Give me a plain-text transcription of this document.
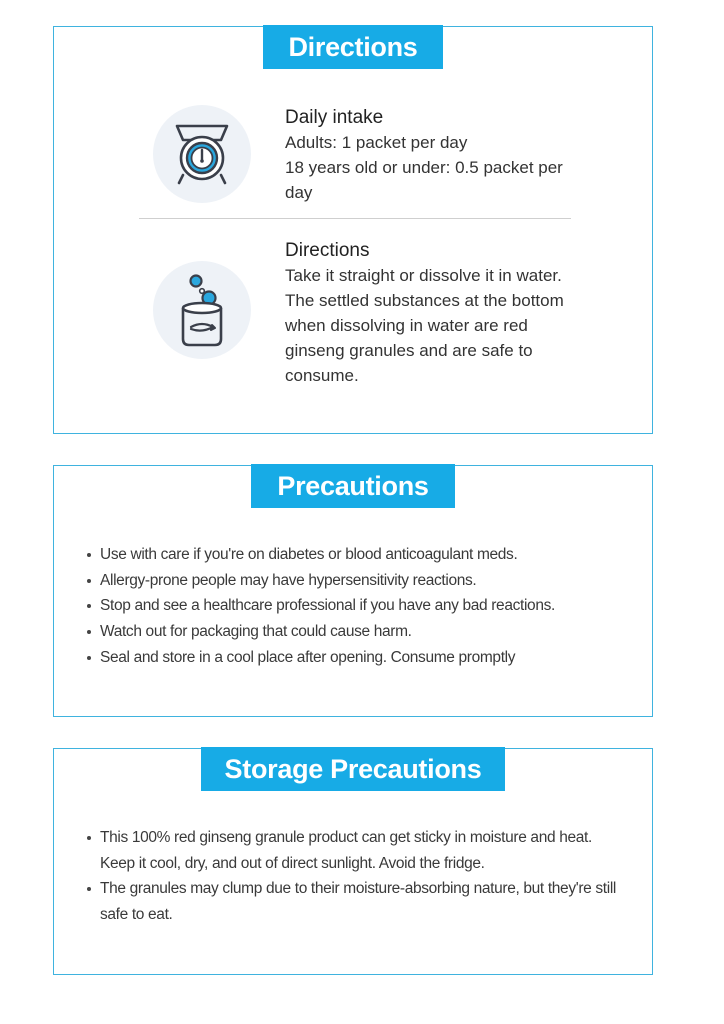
Directions

Daily intake

Adults: 1 packet per day

18 years old or under: 0.5 packet per

day

Directions

Take it straight or dissolve it in water.

The settled substances at the bottom

when dissolving in water are red

ginseng granules and are safe to

consume.

Precautions
Use with care if you're on diabetes or blood anticoagulant meds.
Allergy-prone people may have hypersensitivity reactions.
Stop and see a healthcare professional if you have any bad reactions.
Watch out for packaging that could cause harm.
Seal and store in a cool place after opening. Consume promptly
Storage Precautions
This 100% red ginseng granule product can get sticky in moisture and heat. Keep it cool, dry, and out of direct sunlight. Avoid the fridge.
The granules may clump due to their moisture-absorbing nature, but they're still safe to eat.
